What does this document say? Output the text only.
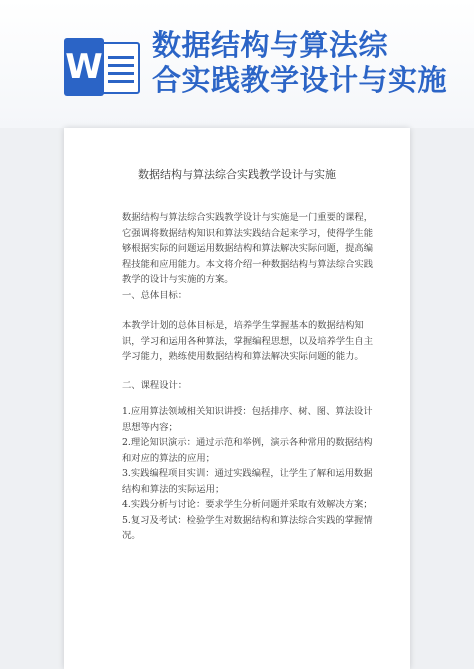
W
数据结构与算法综
合实践教学设计与实施
数据结构与算法综合实践教学设计与实施
数据结构与算法综合实践教学设计与实施是一门重要的课程，它强调将数据结构知识和算法实践结合起来学习，使得学生能够根据实际的问题运用数据结构和算法解决实际问题，提高编程技能和应用能力。本文将介绍一种数据结构与算法综合实践教学的设计与实施的方案。
一、总体目标：
本教学计划的总体目标是，培养学生掌握基本的数据结构知识，学习和运用各种算法，掌握编程思想，以及培养学生自主学习能力，熟练使用数据结构和算法解决实际问题的能力。
二、课程设计：
1.应用算法领域相关知识讲授：包括排序、树、图、算法设计思想等内容；
2.理论知识演示：通过示范和举例，演示各种常用的数据结构和对应的算法的应用；
3.实践编程项目实训：通过实践编程，让学生了解和运用数据结构和算法的实际运用；
4.实践分析与讨论：要求学生分析问题并采取有效解决方案；
5.复习及考试：检验学生对数据结构和算法综合实践的掌握情况。
